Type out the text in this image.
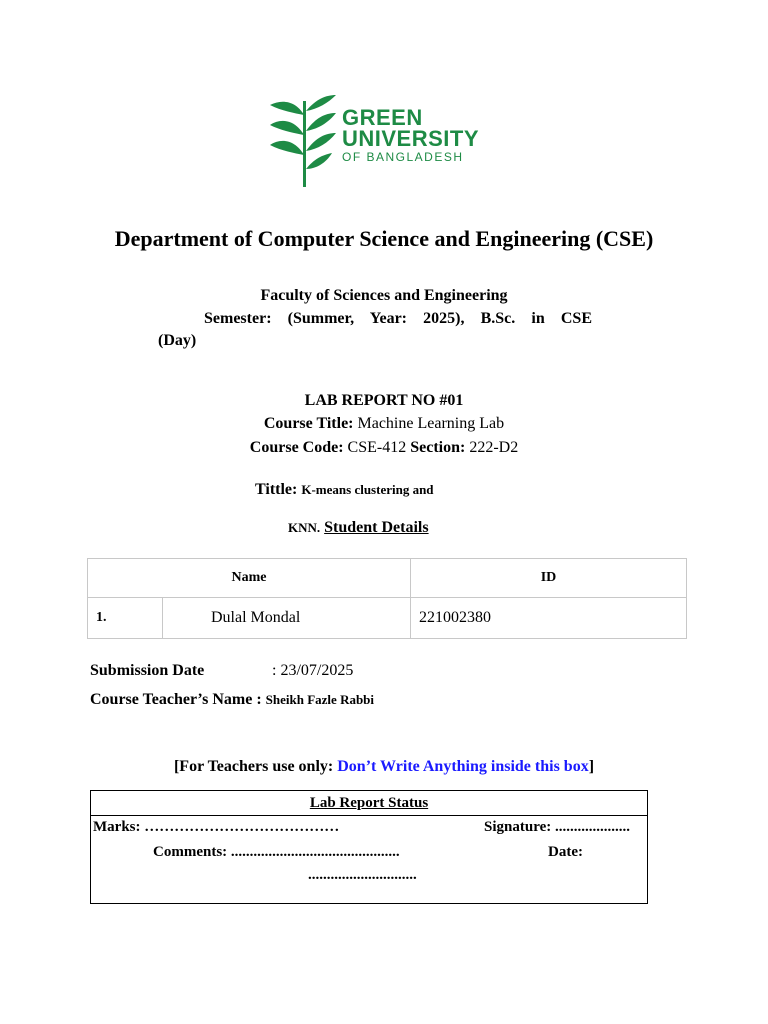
GREEN
UNIVERSITY
OF BANGLADESH
Department of Computer Science and Engineering (CSE)
Faculty of Sciences and Engineering
Semester: (Summer, Year: 2025), B.Sc. in CSE
(Day)
LAB REPORT NO #01
Course Title: Machine Learning Lab
Course Code: CSE-412 Section: 222-D2
Tittle: K-means clustering and
KNN. Student Details
Name		ID
1.	Dulal Mondal	221002380
Submission Date	: 23/07/2025
Course Teacher’s Name : Sheikh Fazle Rabbi
[For Teachers use only: Don’t Write Anything inside this box]
Lab Report Status
Marks: …………………………………	Signature: ....................
Comments: .............................................	Date:
.............................
